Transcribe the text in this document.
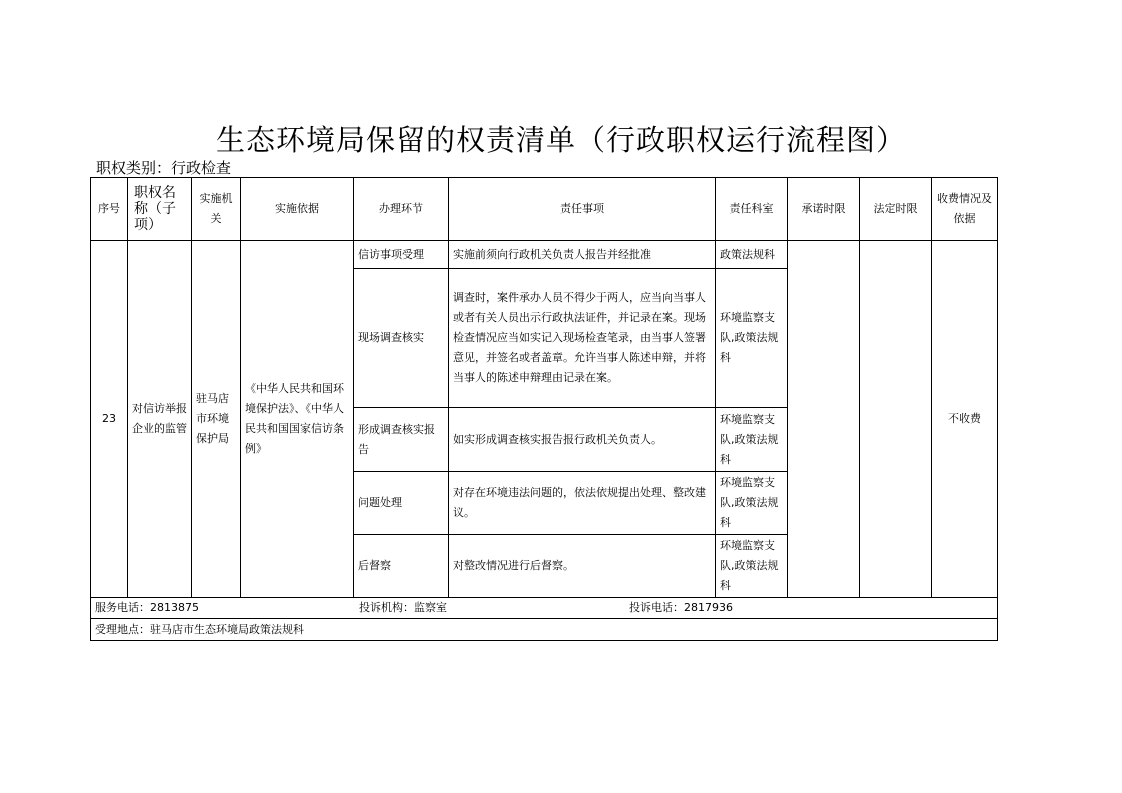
生态环境局保留的权责清单（行政职权运行流程图）
职权类别：行政检查
序号	职权名称（子项）	实施机关	实施依据	办理环节	责任事项	责任科室	承诺时限	法定时限	收费情况及依据
23	对信访举报企业的监管	驻马店市环境保护局	《中华人民共和国环境保护法》、《中华人民共和国国家信访条例》	信访事项受理	实施前须向行政机关负责人报告并经批准	政策法规科			不收费
				现场调查核实	调查时，案件承办人员不得少于两人，应当向当事人或者有关人员出示行政执法证件，并记录在案。现场检查情况应当如实记入现场检查笔录，由当事人签署意见，并签名或者盖章。允许当事人陈述申辩，并将当事人的陈述申辩理由记录在案。	环境监察支队,政策法规科			
				形成调查核实报告	如实形成调查核实报告报行政机关负责人。	环境监察支队,政策法规科			
				问题处理	对存在环境违法问题的，依法依规提出处理、整改建议。	环境监察支队,政策法规科			
				后督察	对整改情况进行后督察。	环境监察支队,政策法规科			

服务电话：2813875 投诉机构：监察室 投诉电话：2817936									

受理地点：驻马店市生态环境局政策法规科									
